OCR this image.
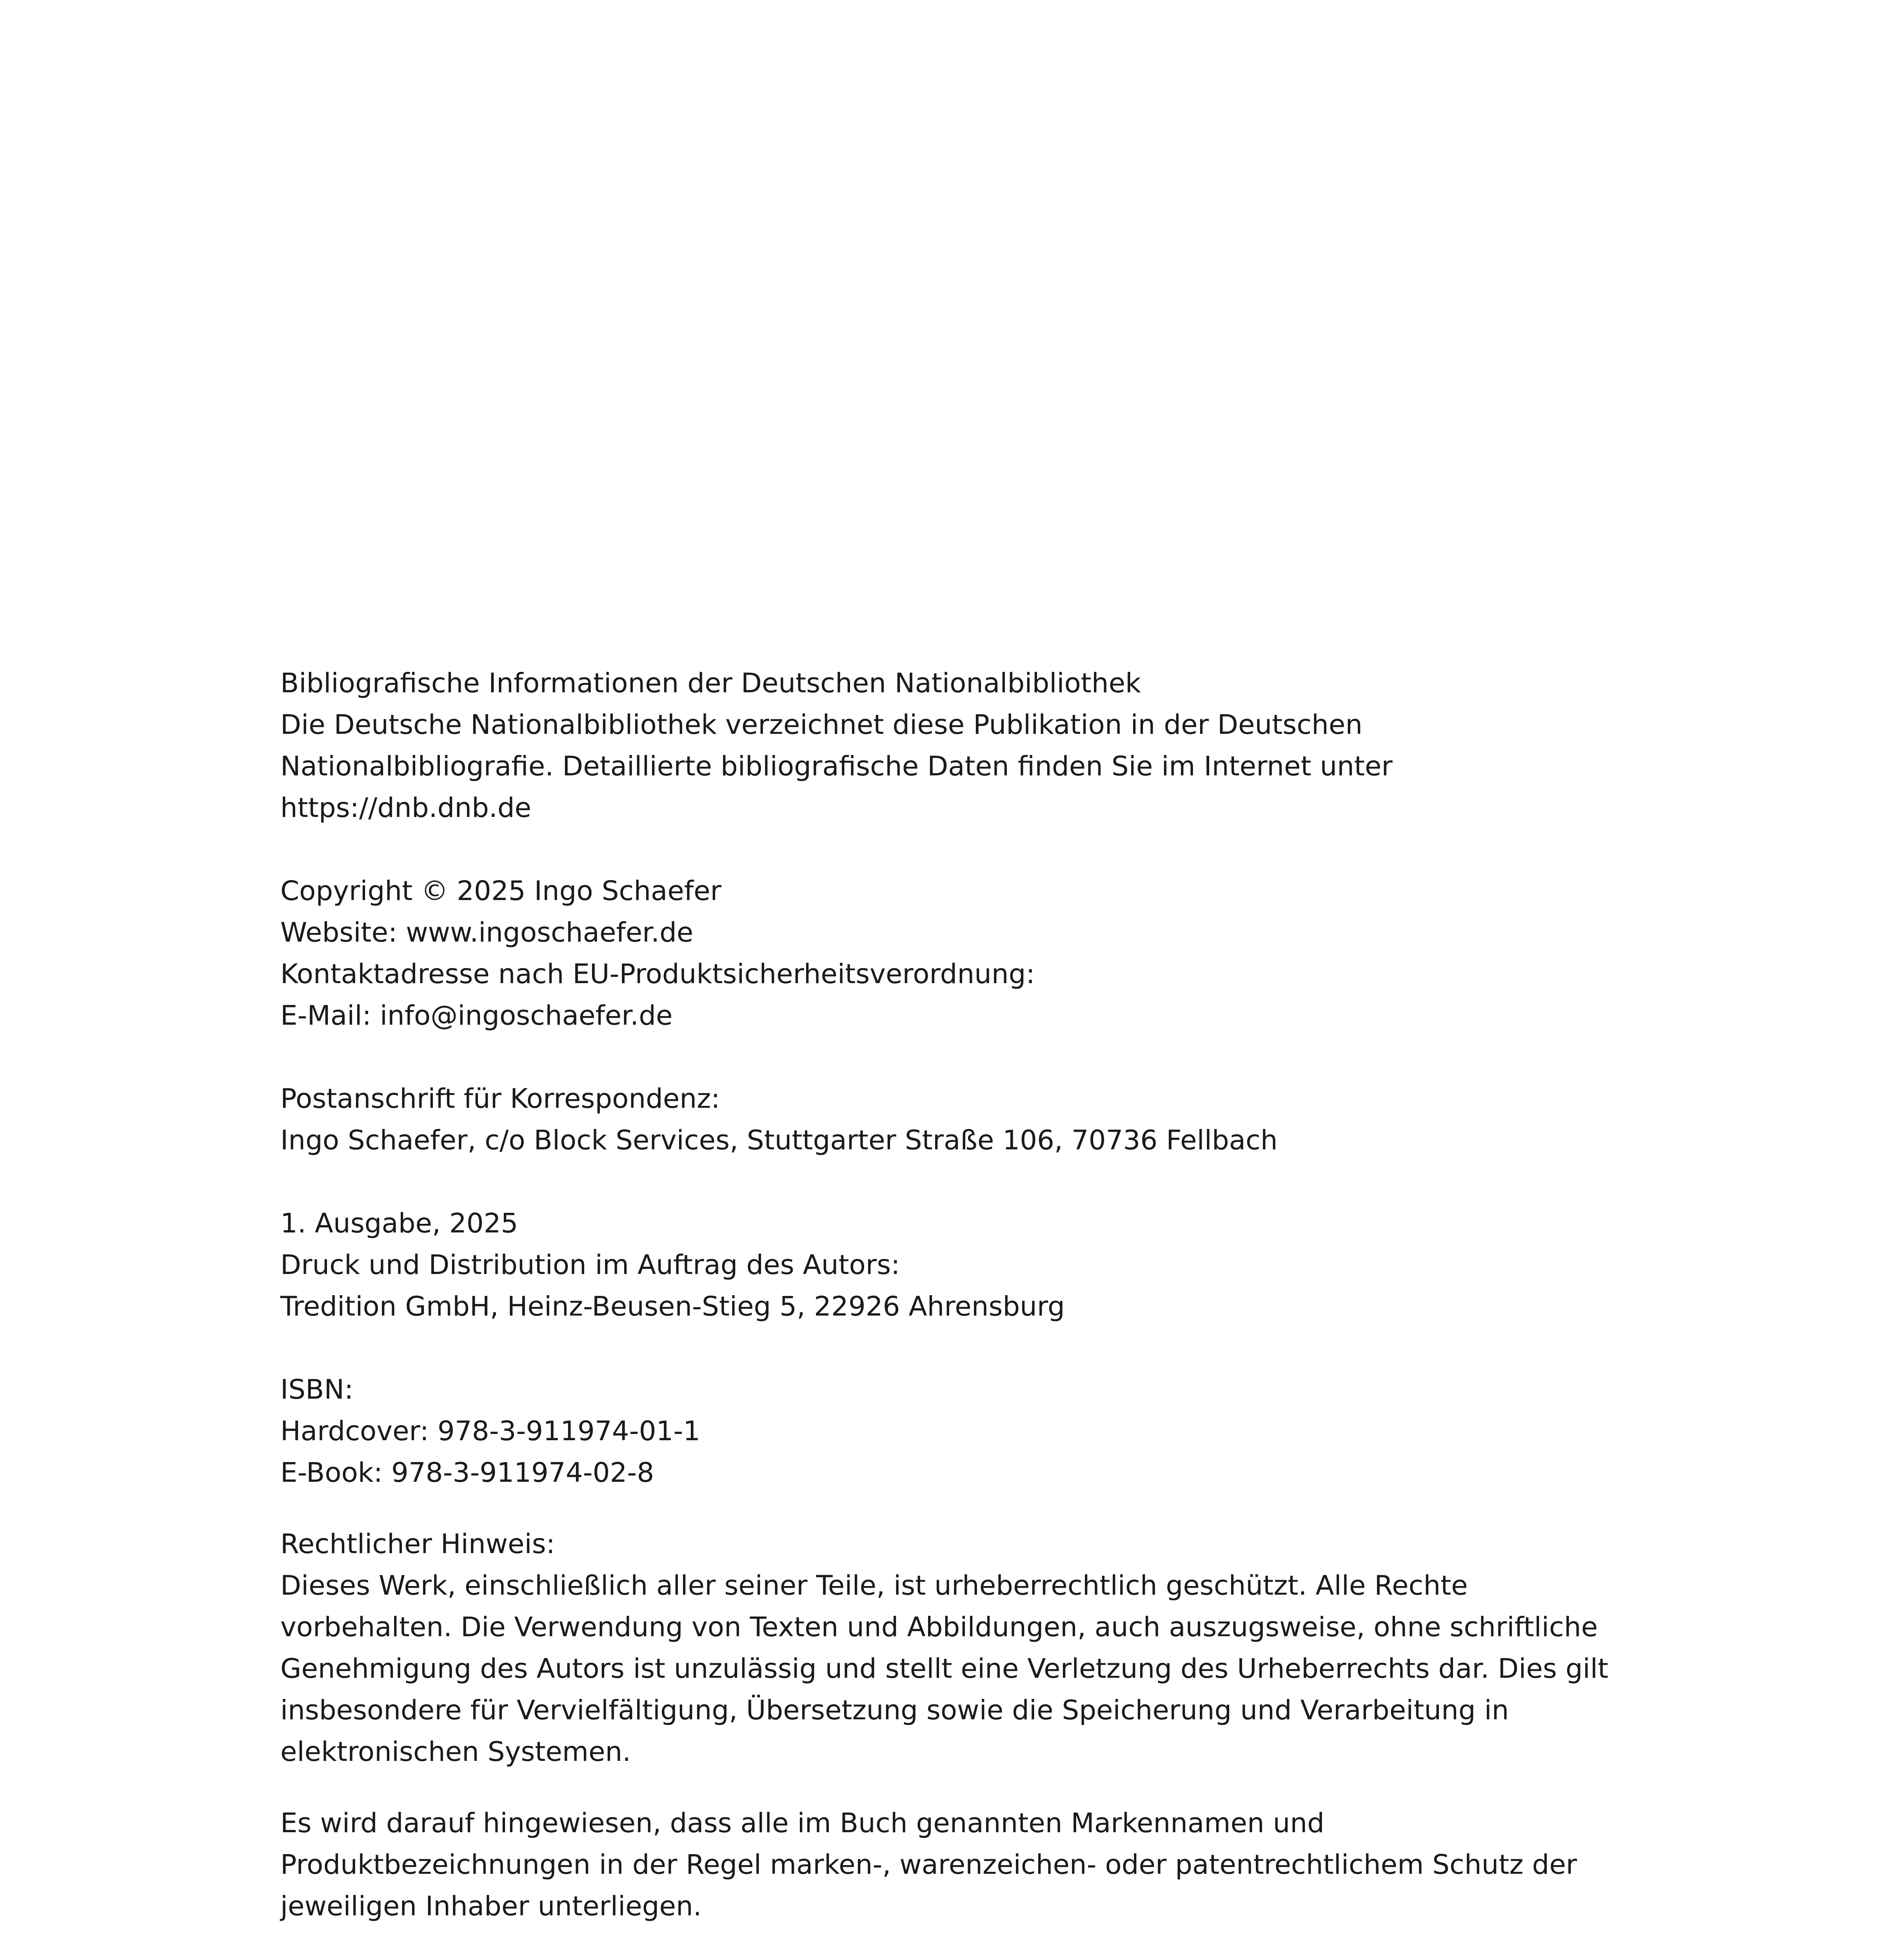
Bibliografische Informationen der Deutschen Nationalbibliothek
Die Deutsche Nationalbibliothek verzeichnet diese Publikation in der Deutschen
Nationalbibliografie. Detaillierte bibliografische Daten finden Sie im Internet unter
https://dnb.dnb.de
Copyright © 2025 Ingo Schaefer
Website: www.ingoschaefer.de
Kontaktadresse nach EU-Produktsicherheitsverordnung:
E-Mail: info@ingoschaefer.de
Postanschrift für Korrespondenz:
Ingo Schaefer, c/o Block Services, Stuttgarter Straße 106, 70736 Fellbach
1. Ausgabe, 2025
Druck und Distribution im Auftrag des Autors:
Tredition GmbH, Heinz-Beusen-Stieg 5, 22926 Ahrensburg
ISBN:
Hardcover: 978-3-911974-01-1
E-Book: 978-3-911974-02-8
Rechtlicher Hinweis:
Dieses Werk, einschließlich aller seiner Teile, ist urheberrechtlich geschützt. Alle Rechte
vorbehalten. Die Verwendung von Texten und Abbildungen, auch auszugsweise, ohne schriftliche
Genehmigung des Autors ist unzulässig und stellt eine Verletzung des Urheberrechts dar. Dies gilt
insbesondere für Vervielfältigung, Übersetzung sowie die Speicherung und Verarbeitung in
elektronischen Systemen.
Es wird darauf hingewiesen, dass alle im Buch genannten Markennamen und
Produktbezeichnungen in der Regel marken-, warenzeichen- oder patentrechtlichem Schutz der
jeweiligen Inhaber unterliegen.
